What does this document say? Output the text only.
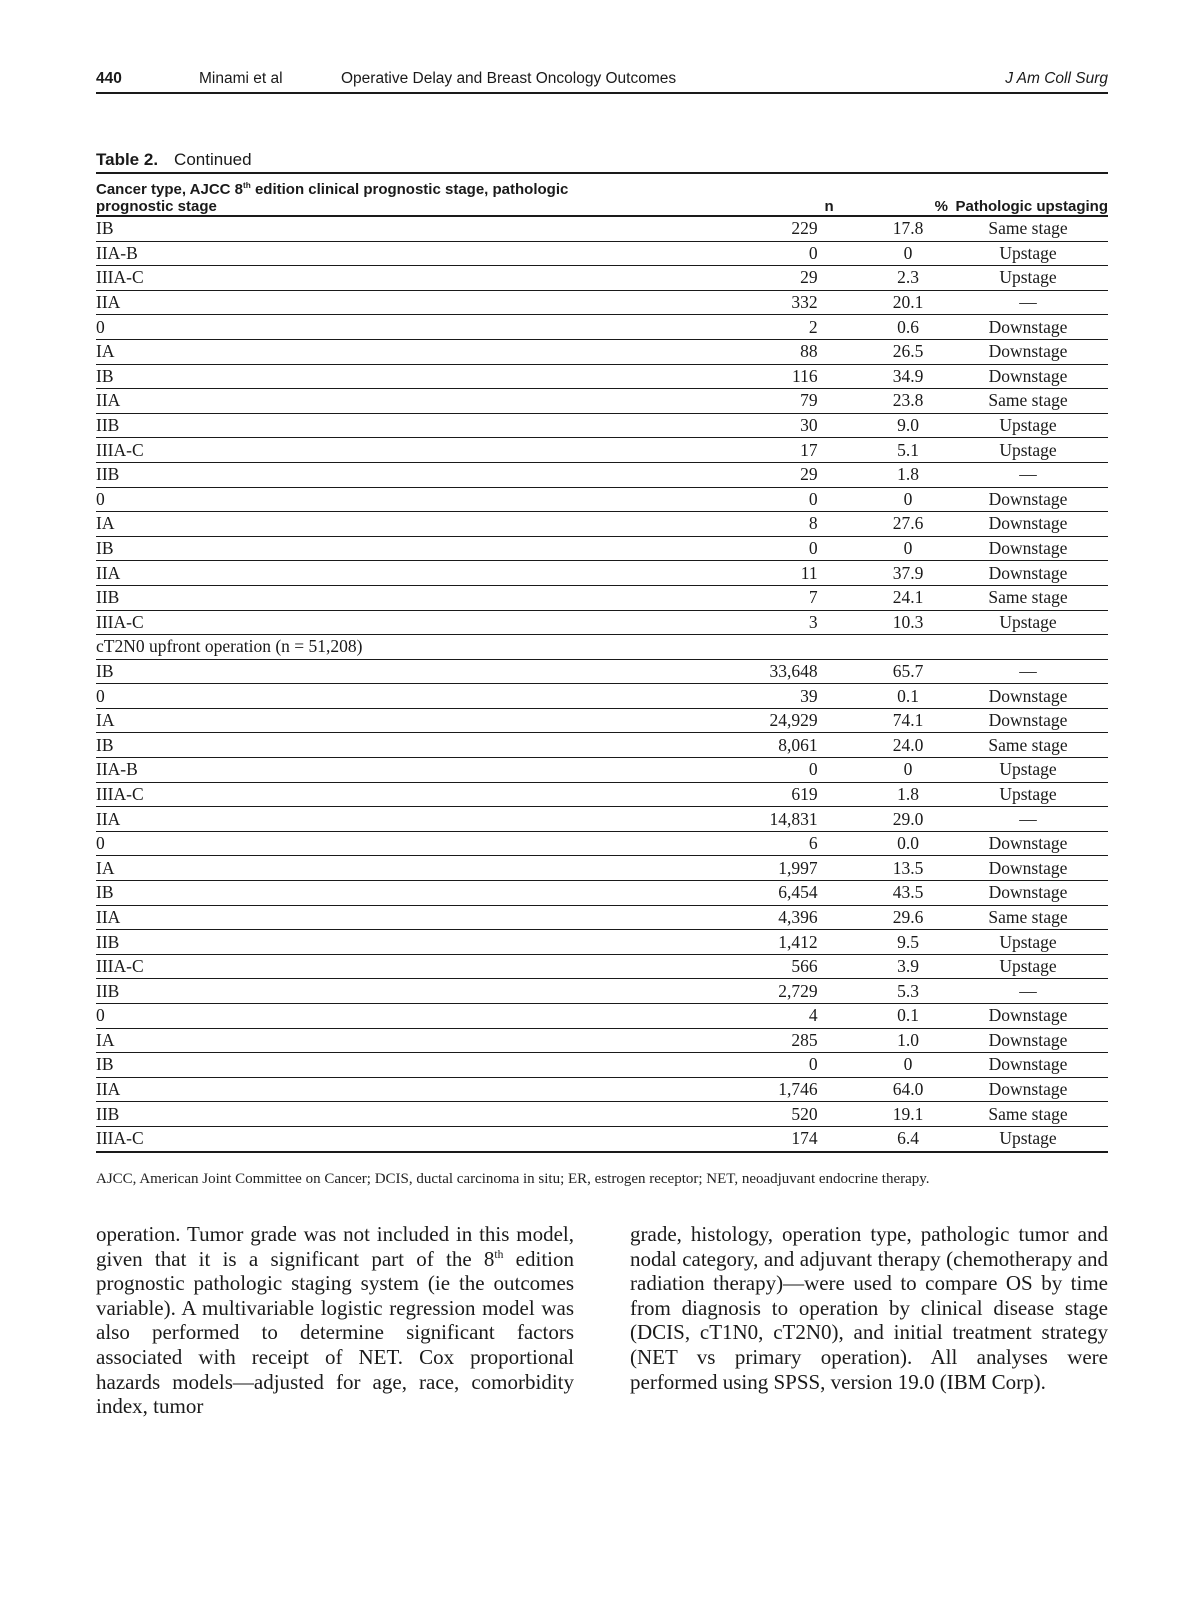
440	Minami et al	Operative Delay and Breast Oncology Outcomes	J Am Coll Surg
Table 2. Continued
Cancer type, AJCC 8th edition clinical prognostic stage, pathologic
prognostic stage	n	%	Pathologic upstaging
IB	229	17.8	Same stage
IIA-B	0	0	Upstage
IIIA-C	29	2.3	Upstage
IIA	332	20.1	—
0	2	0.6	Downstage
IA	88	26.5	Downstage
IB	116	34.9	Downstage
IIA	79	23.8	Same stage
IIB	30	9.0	Upstage
IIIA-C	17	5.1	Upstage
IIB	29	1.8	—
0	0	0	Downstage
IA	8	27.6	Downstage
IB	0	0	Downstage
IIA	11	37.9	Downstage
IIB	7	24.1	Same stage
IIIA-C	3	10.3	Upstage
cT2N0 upfront operation (n = 51,208)			
IB	33,648	65.7	—
0	39	0.1	Downstage
IA	24,929	74.1	Downstage
IB	8,061	24.0	Same stage
IIA-B	0	0	Upstage
IIIA-C	619	1.8	Upstage
IIA	14,831	29.0	—
0	6	0.0	Downstage
IA	1,997	13.5	Downstage
IB	6,454	43.5	Downstage
IIA	4,396	29.6	Same stage
IIB	1,412	9.5	Upstage
IIIA-C	566	3.9	Upstage
IIB	2,729	5.3	—
0	4	0.1	Downstage
IA	285	1.0	Downstage
IB	0	0	Downstage
IIA	1,746	64.0	Downstage
IIB	520	19.1	Same stage
IIIA-C	174	6.4	Upstage
AJCC, American Joint Committee on Cancer; DCIS, ductal carcinoma in situ; ER, estrogen receptor; NET, neoadjuvant endocrine therapy.
operation. Tumor grade was not included in this model, given that it is a significant part of the 8th edition prognostic pathologic staging system (ie the outcomes variable). A multivariable logistic regression model was also performed to determine significant factors associated with receipt of NET. Cox proportional hazards models—adjusted for age, race, comorbidity index, tumor
grade, histology, operation type, pathologic tumor and nodal category, and adjuvant therapy (chemotherapy and radiation therapy)—were used to compare OS by time from diagnosis to operation by clinical disease stage (DCIS, cT1N0, cT2N0), and initial treatment strategy (NET vs primary operation). All analyses were performed using SPSS, version 19.0 (IBM Corp).
